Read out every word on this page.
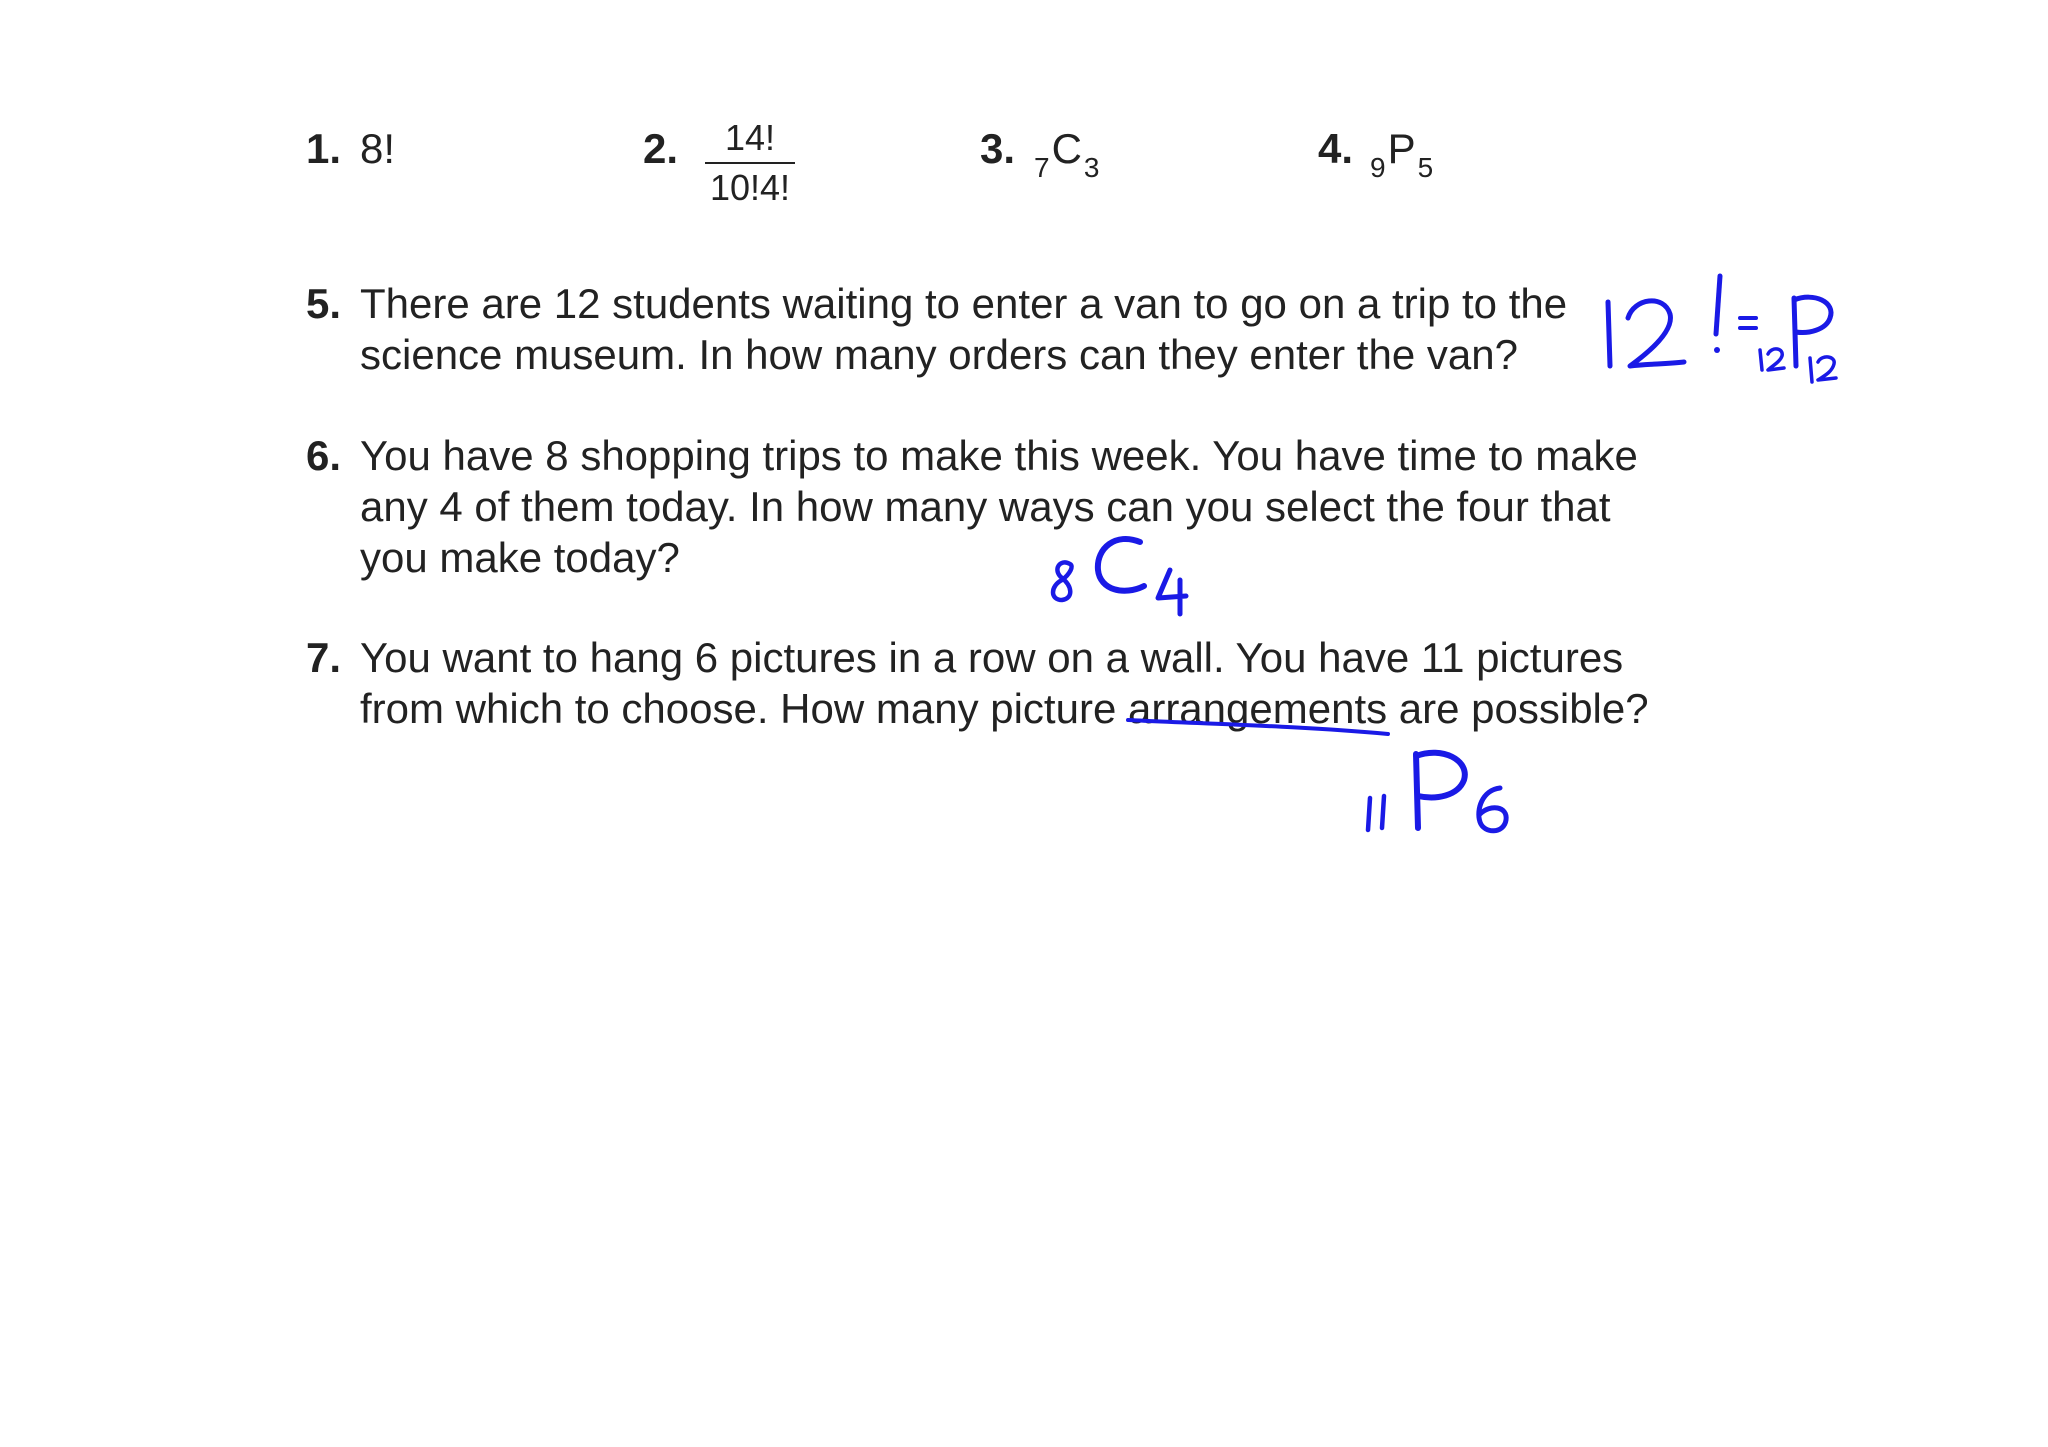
1. 8!	2. 14!
10!4!
3. 7C3	4. 9P5
5. There are 12 students waiting to enter a van to go on a trip to the
science museum. In how many orders can they enter the van?
6. You have 8 shopping trips to make this week. You have time to make
any 4 of them today. In how many ways can you select the four that
you make today?
7. You want to hang 6 pictures in a row on a wall. You have 11 pictures
from which to choose. How many picture arrangements are possible?
